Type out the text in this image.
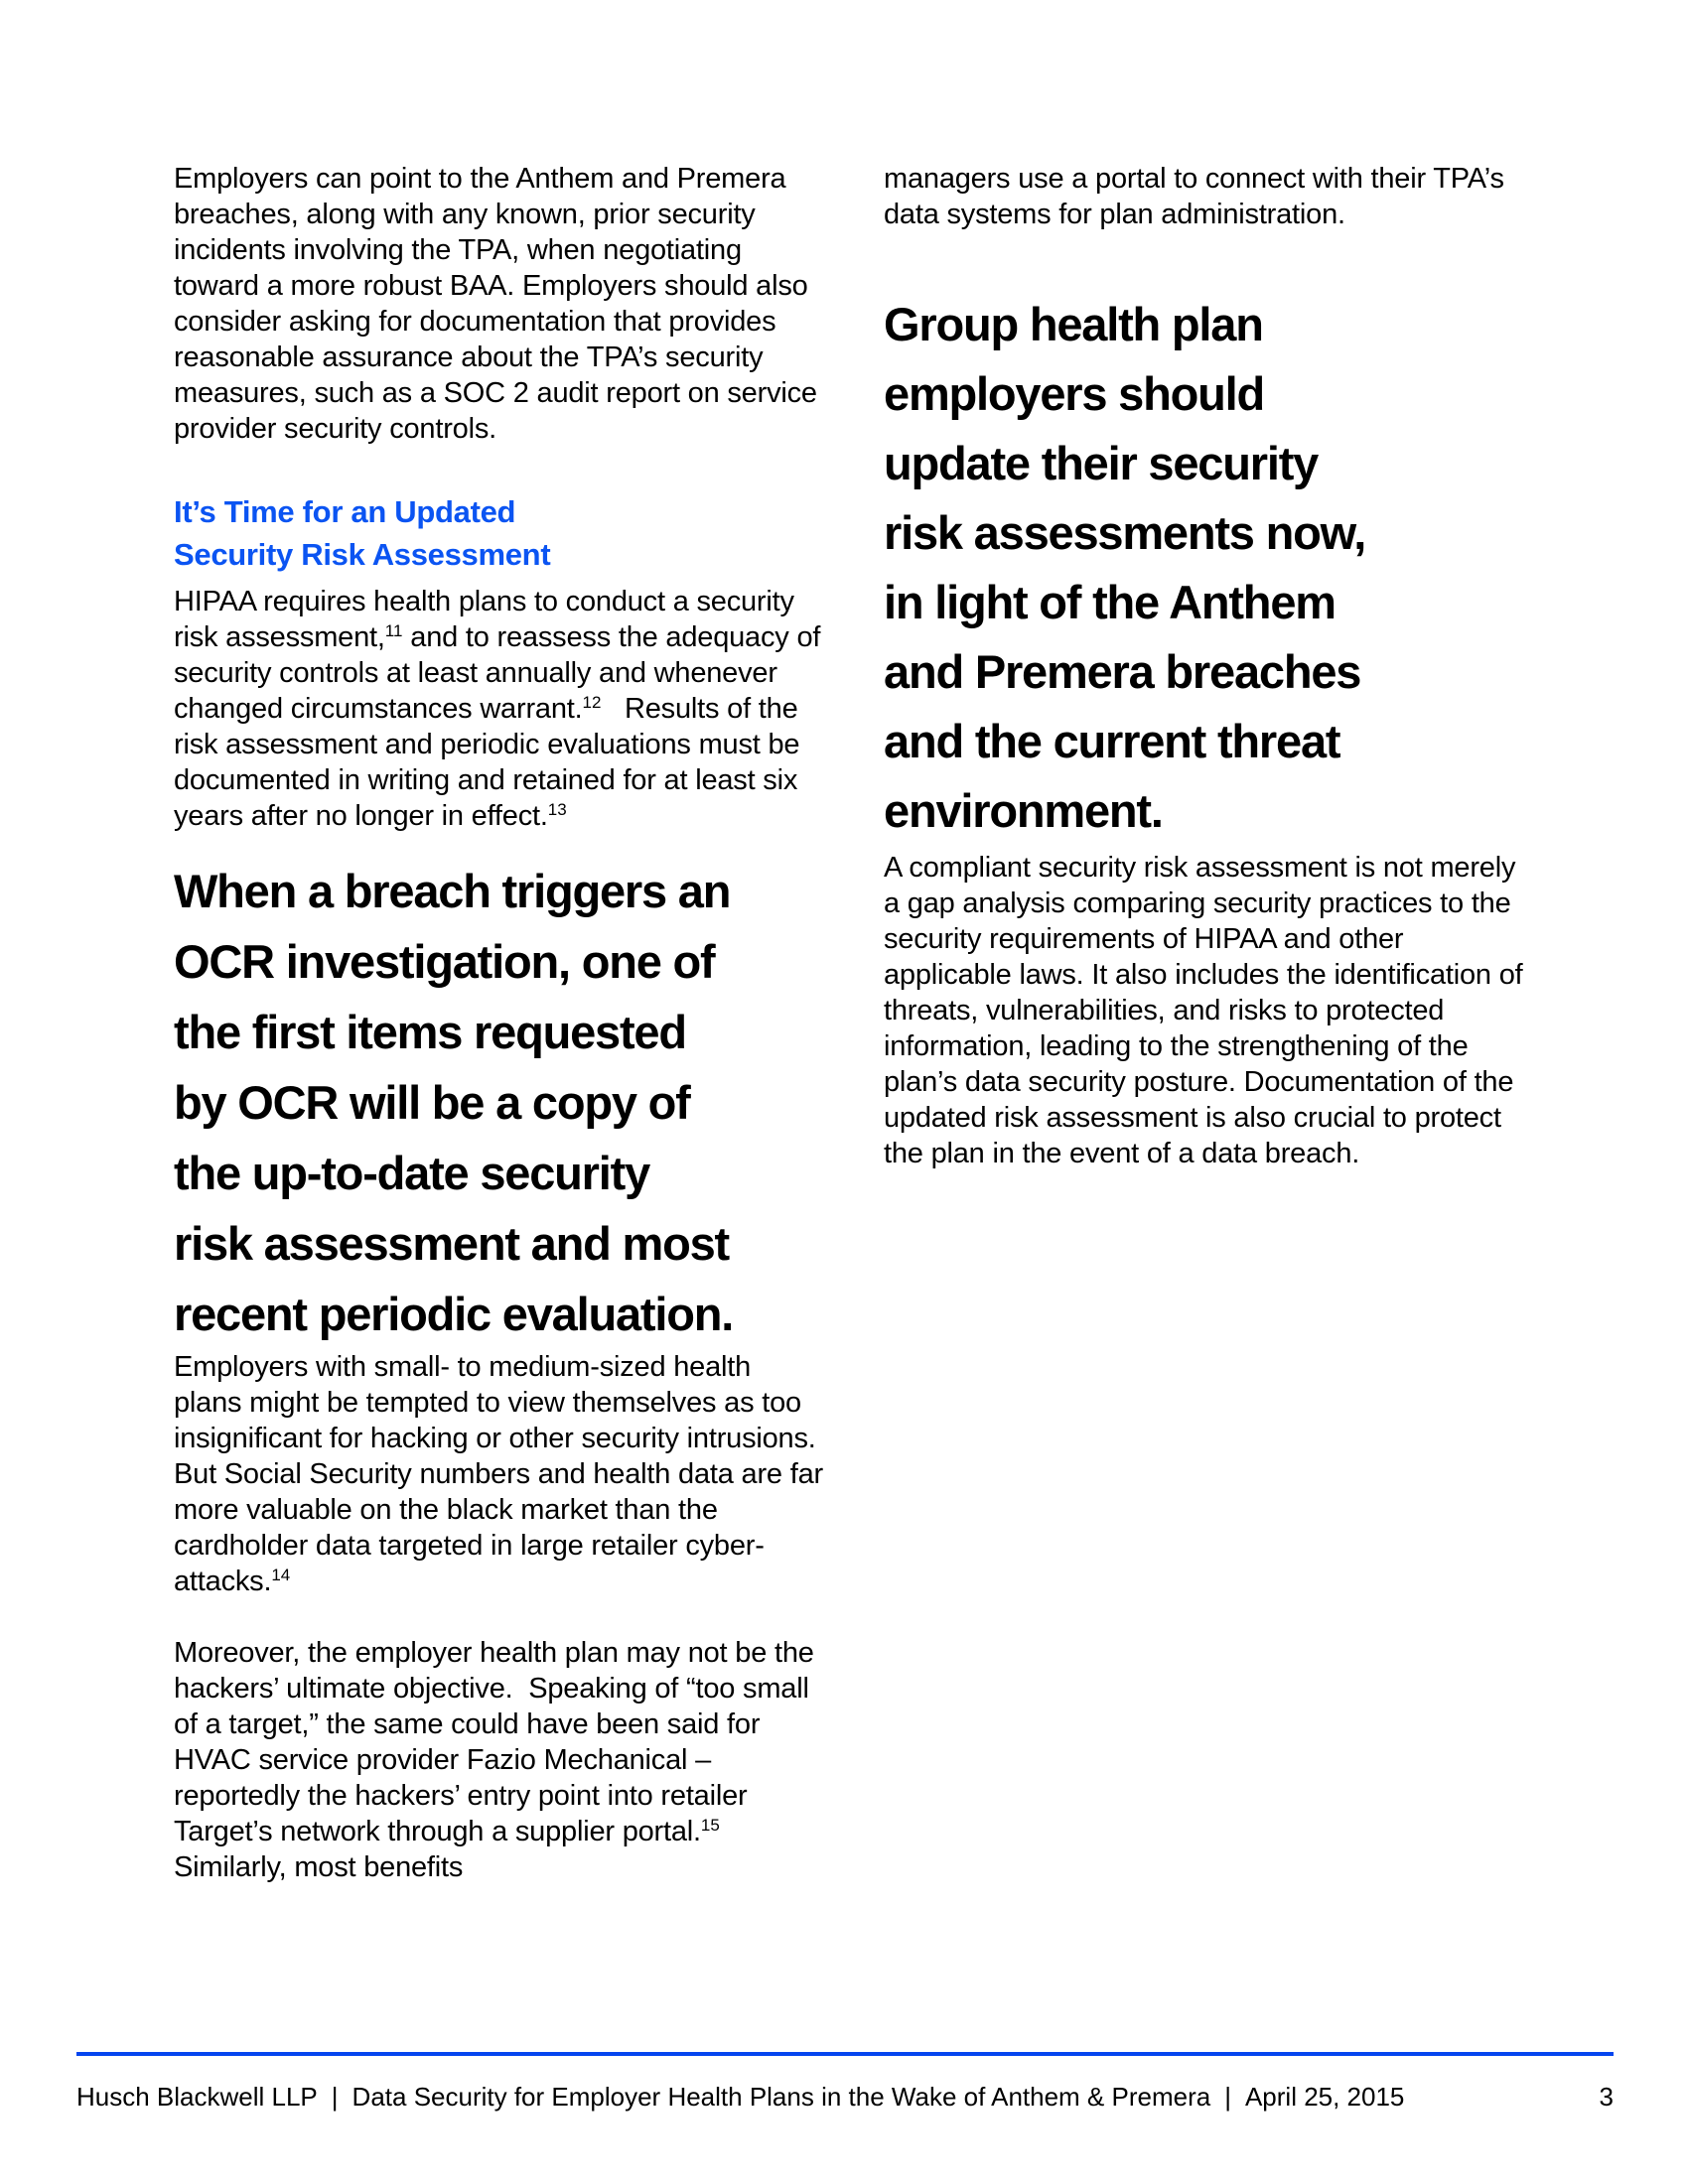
Employers can point to the Anthem and Premera breaches, along with any known, prior security incidents involving the TPA, when negotiating toward a more robust BAA. Employers should also consider asking for documentation that provides reasonable assurance about the TPA’s security measures, such as a SOC 2 audit report on service provider security controls.

It’s Time for an Updated
Security Risk Assessment

HIPAA requires health plans to conduct a security risk assessment,$^{11}$ and to reassess the adequacy of security controls at least annually and whenever changed circumstances warrant.$^{12}$   Results of the risk assessment and periodic evaluations must be documented in writing and retained for at least six years after no longer in effect.$^{13}$

When a breach triggers an
OCR investigation, one of
the first items requested
by OCR will be a copy of
the up-to-date security
risk assessment and most
recent periodic evaluation.

Employers with small- to medium-sized health plans might be tempted to view themselves as too insignificant for hacking or other security intrusions.  But Social Security numbers and health data are far more valuable on the black market than the cardholder data targeted in large retailer cyber-attacks.$^{14}$

Moreover, the employer health plan may not be the hackers’ ultimate objective.  Speaking of “too small of a target,” the same could have been said for HVAC service provider Fazio Mechanical – reportedly the hackers’ entry point into retailer Target’s network through a supplier portal.$^{15}$ Similarly, most benefits

managers use a portal to connect with their TPA’s data systems for plan administration.

Group health plan
employers should
update their security
risk assessments now,
in light of the Anthem
and Premera breaches
and the current threat
environment.

A compliant security risk assessment is not merely a gap analysis comparing security practices to the security requirements of HIPAA and other applicable laws. It also includes the identification of threats, vulnerabilities, and risks to protected information, leading to the strengthening of the plan’s data security posture. Documentation of the updated risk assessment is also crucial to protect the plan in the event of a data breach.

Husch Blackwell LLP | Data Security for Employer Health Plans in the Wake of Anthem & Premera | April 25, 2015	3
